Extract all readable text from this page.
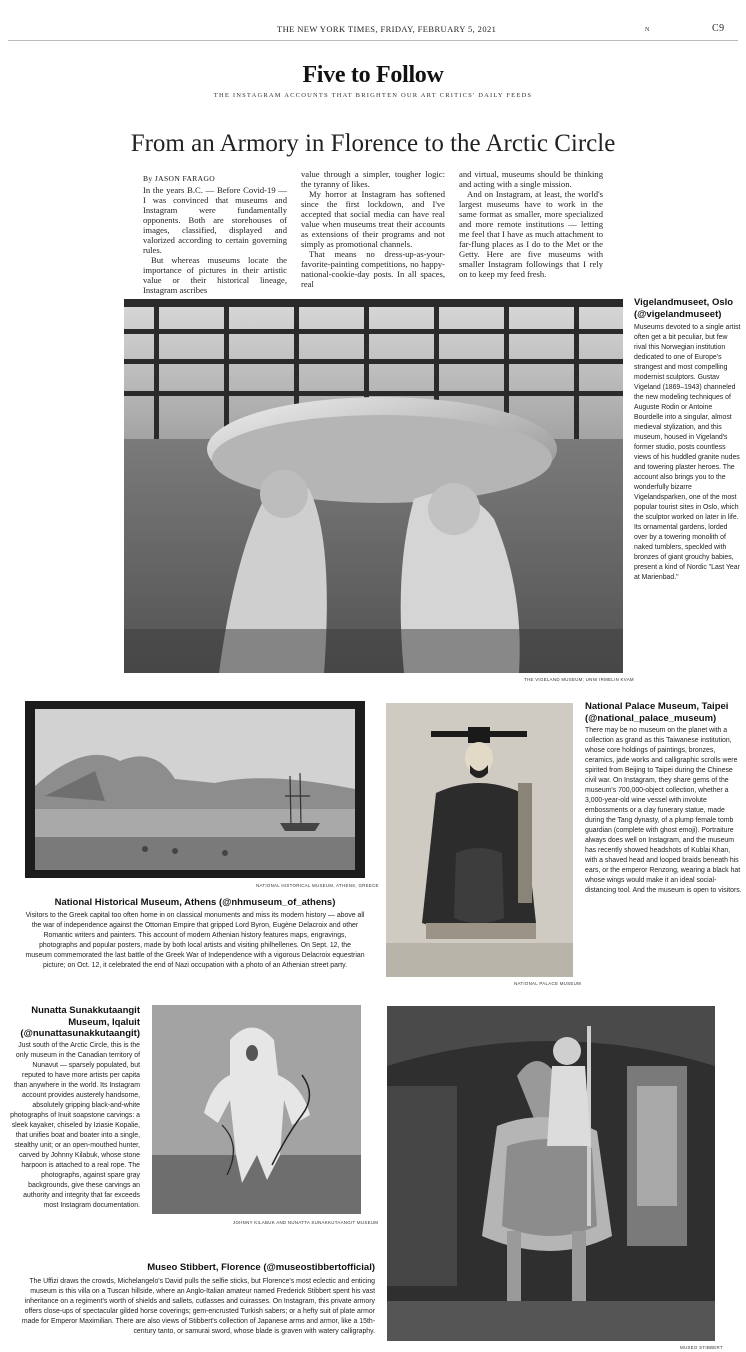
THE NEW YORK TIMES, FRIDAY, FEBRUARY 5, 2021	N	C9
Five to Follow
THE INSTAGRAM ACCOUNTS THAT BRIGHTEN OUR ART CRITICS' DAILY FEEDS
From an Armory in Florence to the Arctic Circle
By JASON FARAGO

In the years B.C. — Before Covid-19 — I was convinced that museums and Instagram were fundamentally opponents. Both are storehouses of images, classified, displayed and valorized according to certain governing rules.

But whereas museums locate the importance of pictures in their artistic value or their historical lineage, Instagram ascribes

value through a simpler, tougher logic: the tyranny of likes.

My horror at Instagram has softened since the first lockdown, and I've accepted that social media can have real value when museums treat their accounts as extensions of their programs and not simply as promotional channels.

That means no dress-up-as-your-favorite-painting competitions, no happy-national-cookie-day posts. In all spaces, real

and virtual, museums should be thinking and acting with a single mission.

And on Instagram, at least, the world's largest museums have to work in the same format as smaller, more specialized and more remote institutions — letting me feel that I have as much attachment to far-flung places as I do to the Met or the Getty. Here are five museums with smaller Instagram followings that I rely on to keep my feed fresh.

THE VIGELAND MUSEUM; UNNI IRMELIN KVAM
Vigelandmuseet, Oslo (@vigelandmuseet)
Museums devoted to a single artist often get a bit peculiar, but few rival this Norwegian institution dedicated to one of Europe's strangest and most compelling modernist sculptors. Gustav Vigeland (1869–1943) channeled the new modeling techniques of Auguste Rodin or Antoine Bourdelle into a singular, almost medieval stylization, and this museum, housed in Vigeland's former studio, posts countless views of his huddled granite nudes and towering plaster heroes. The account also brings you to the wonderfully bizarre Vigelandsparken, one of the most popular tourist sites in Oslo, which the sculptor worked on later in life. Its ornamental gardens, lorded over by a towering monolith of naked tumblers, speckled with bronzes of giant grouchy babies, present a kind of Nordic "Last Year at Marienbad."
NATIONAL HISTORICAL MUSEUM, ATHENS, GREECE
National Historical Museum, Athens (@nhmuseum_of_athens)
Visitors to the Greek capital too often home in on classical monuments and miss its modern history — above all the war of independence against the Ottoman Empire that gripped Lord Byron, Eugène Delacroix and other Romantic writers and painters. This account of modern Athenian history features maps, engravings, photographs and popular posters, made by both local artists and visiting philhellenes. On Sept. 12, the museum commemorated the last battle of the Greek War of Independence with a vigorous Delacroix equestrian picture; on Oct. 12, it celebrated the end of Nazi occupation with a photo of an Athenian street party.
NATIONAL PALACE MUSEUM
National Palace Museum, Taipei (@national_palace_museum)
There may be no museum on the planet with a collection as grand as this Taiwanese institution, whose core holdings of paintings, bronzes, ceramics, jade works and calligraphic scrolls were spirited from Beijing to Taipei during the Chinese civil war. On Instagram, they share gems of the museum's 700,000-object collection, whether a 3,000-year-old wine vessel with involute embossments or a clay funerary statue, made during the Tang dynasty, of a plump female tomb guardian (complete with ghost emoji). Portraiture always does well on Instagram, and the museum has recently showed headshots of Kublai Khan, with a shaved head and looped braids beneath his ears, or the emperor Renzong, wearing a black hat whose wings would make it an ideal social-distancing tool. And the museum is open to visitors.
Nunatta Sunakkutaangit Museum, Iqaluit (@nunattasunakkutaangit)
Just south of the Arctic Circle, this is the only museum in the Canadian territory of Nunavut — sparsely populated, but reputed to have more artists per capita than anywhere in the world. Its Instagram account provides austerely handsome, absolutely gripping black-and-white photographs of Inuit soapstone carvings: a sleek kayaker, chiseled by Iziasie Kopalie, that unifies boat and boater into a single, stealthy unit; or an open-mouthed hunter, carved by Johnny Kilabuk, whose stone harpoon is attached to a real rope. The photographs, against spare gray backgrounds, give these carvings an authority and integrity that far exceeds most Instagram documentation.
JOHNNY KILABUK AND NUNATTA SUNAKKUTAANGIT MUSEUM
MUSEO STIBBERT
Museo Stibbert, Florence (@museostibbertofficial)
The Uffizi draws the crowds, Michelangelo's David pulls the selfie sticks, but Florence's most eclectic and enticing museum is this villa on a Tuscan hillside, where an Anglo-Italian amateur named Frederick Stibbert spent his vast inheritance on a regiment's worth of shields and sallets, cutlasses and cuirasses. On Instagram, this private armory offers close-ups of spectacular gilded horse coverings; gem-encrusted Turkish sabers; or a hefty suit of plate armor made for Emperor Maximilian. There are also views of Stibbert's collection of Japanese arms and armor, like a 15th-century tanto, or samurai sword, whose blade is graven with watery calligraphy.
